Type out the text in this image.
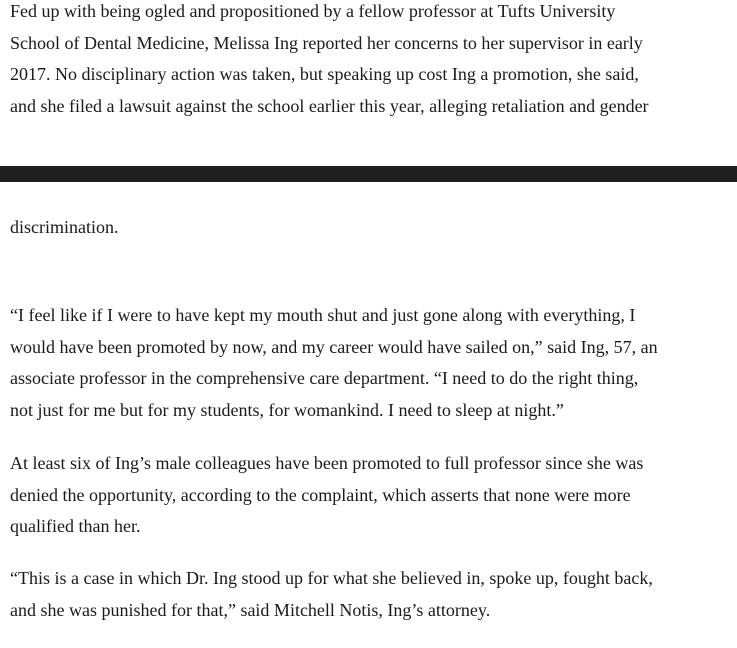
Fed up with being ogled and propositioned by a fellow professor at Tufts University
School of Dental Medicine, Melissa Ing reported her concerns to her supervisor in early
2017. No disciplinary action was taken, but speaking up cost Ing a promotion, she said,
and she filed a lawsuit against the school earlier this year, alleging retaliation and gender

discrimination.

“I feel like if I were to have kept my mouth shut and just gone along with everything, I
would have been promoted by now, and my career would have sailed on,” said Ing, 57, an
associate professor in the comprehensive care department. “I need to do the right thing,
not just for me but for my students, for womankind. I need to sleep at night.”

At least six of Ing’s male colleagues have been promoted to full professor since she was
denied the opportunity, according to the complaint, which asserts that none were more
qualified than her.

“This is a case in which Dr. Ing stood up for what she believed in, spoke up, fought back,
and she was punished for that,” said Mitchell Notis, Ing’s attorney.
